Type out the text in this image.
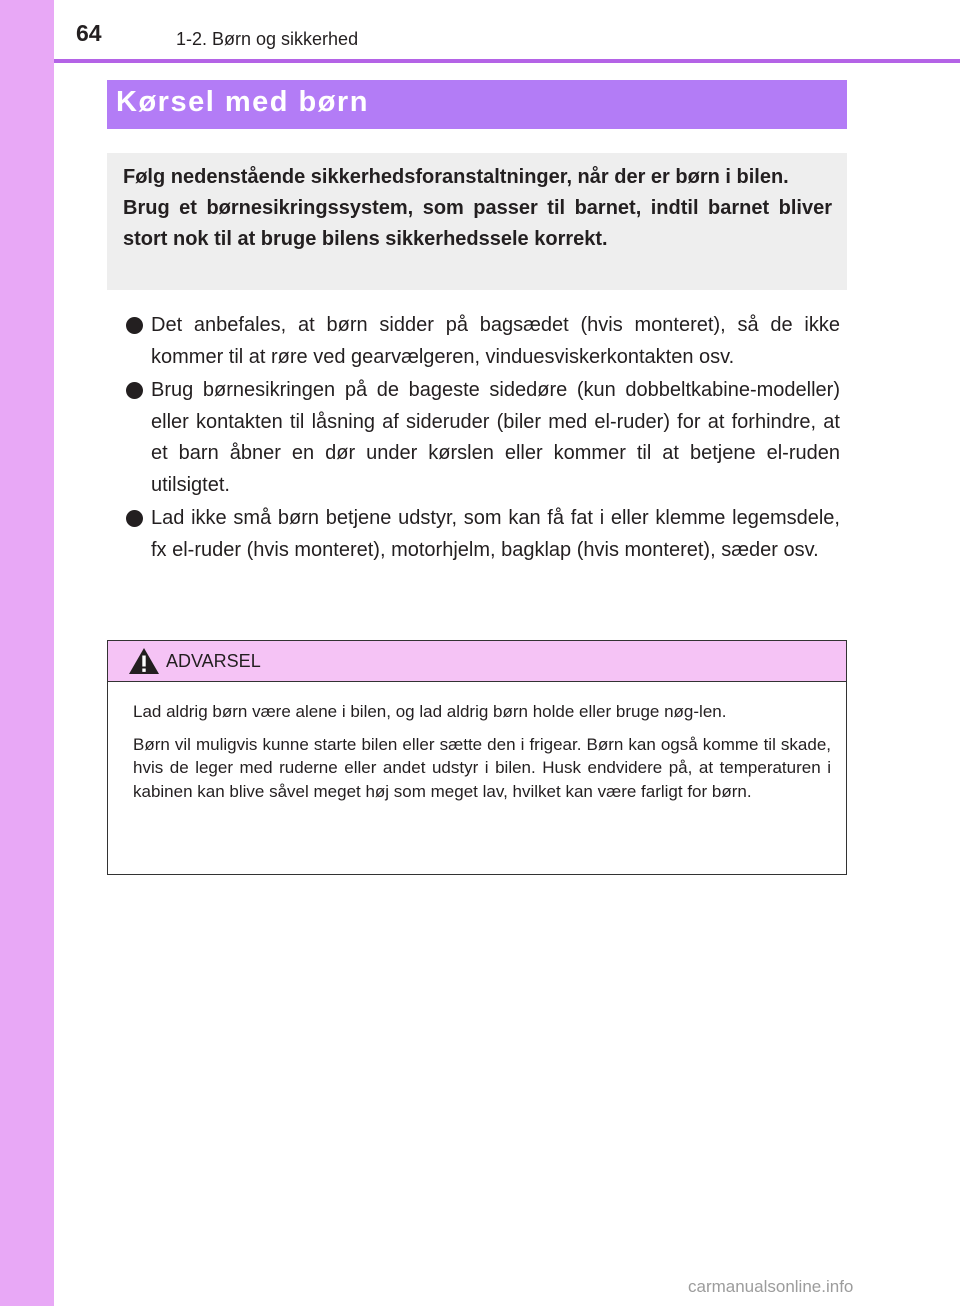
64	1-2. Børn og sikkerhed
Kørsel med børn

Følg nedenstående sikkerhedsforanstaltninger, når der er børn i bilen.

Brug et børnesikringssystem, som passer til barnet, indtil barnet bliver stort nok til at bruge bilens sikkerhedssele korrekt.

Det anbefales, at børn sidder på bagsædet (hvis monteret), så de ikke kommer til at røre ved gearvælgeren, vinduesviskerkontakten osv.
Brug børnesikringen på de bageste sidedøre (kun dobbeltkabine-modeller) eller kontakten til låsning af sideruder (biler med el-ruder) for at forhindre, at et barn åbner en dør under kørslen eller kommer til at betjene el-ruden utilsigtet.
Lad ikke små børn betjene udstyr, som kan få fat i eller klemme legemsdele, fx el-ruder (hvis monteret), motorhjelm, bagklap (hvis monteret), sæder osv.
ADVARSEL

Lad aldrig børn være alene i bilen, og lad aldrig børn holde eller bruge nøg-len.

Børn vil muligvis kunne starte bilen eller sætte den i frigear. Børn kan også komme til skade, hvis de leger med ruderne eller andet udstyr i bilen. Husk endvidere på, at temperaturen i kabinen kan blive såvel meget høj som meget lav, hvilket kan være farligt for børn.

carmanualsonline.info
